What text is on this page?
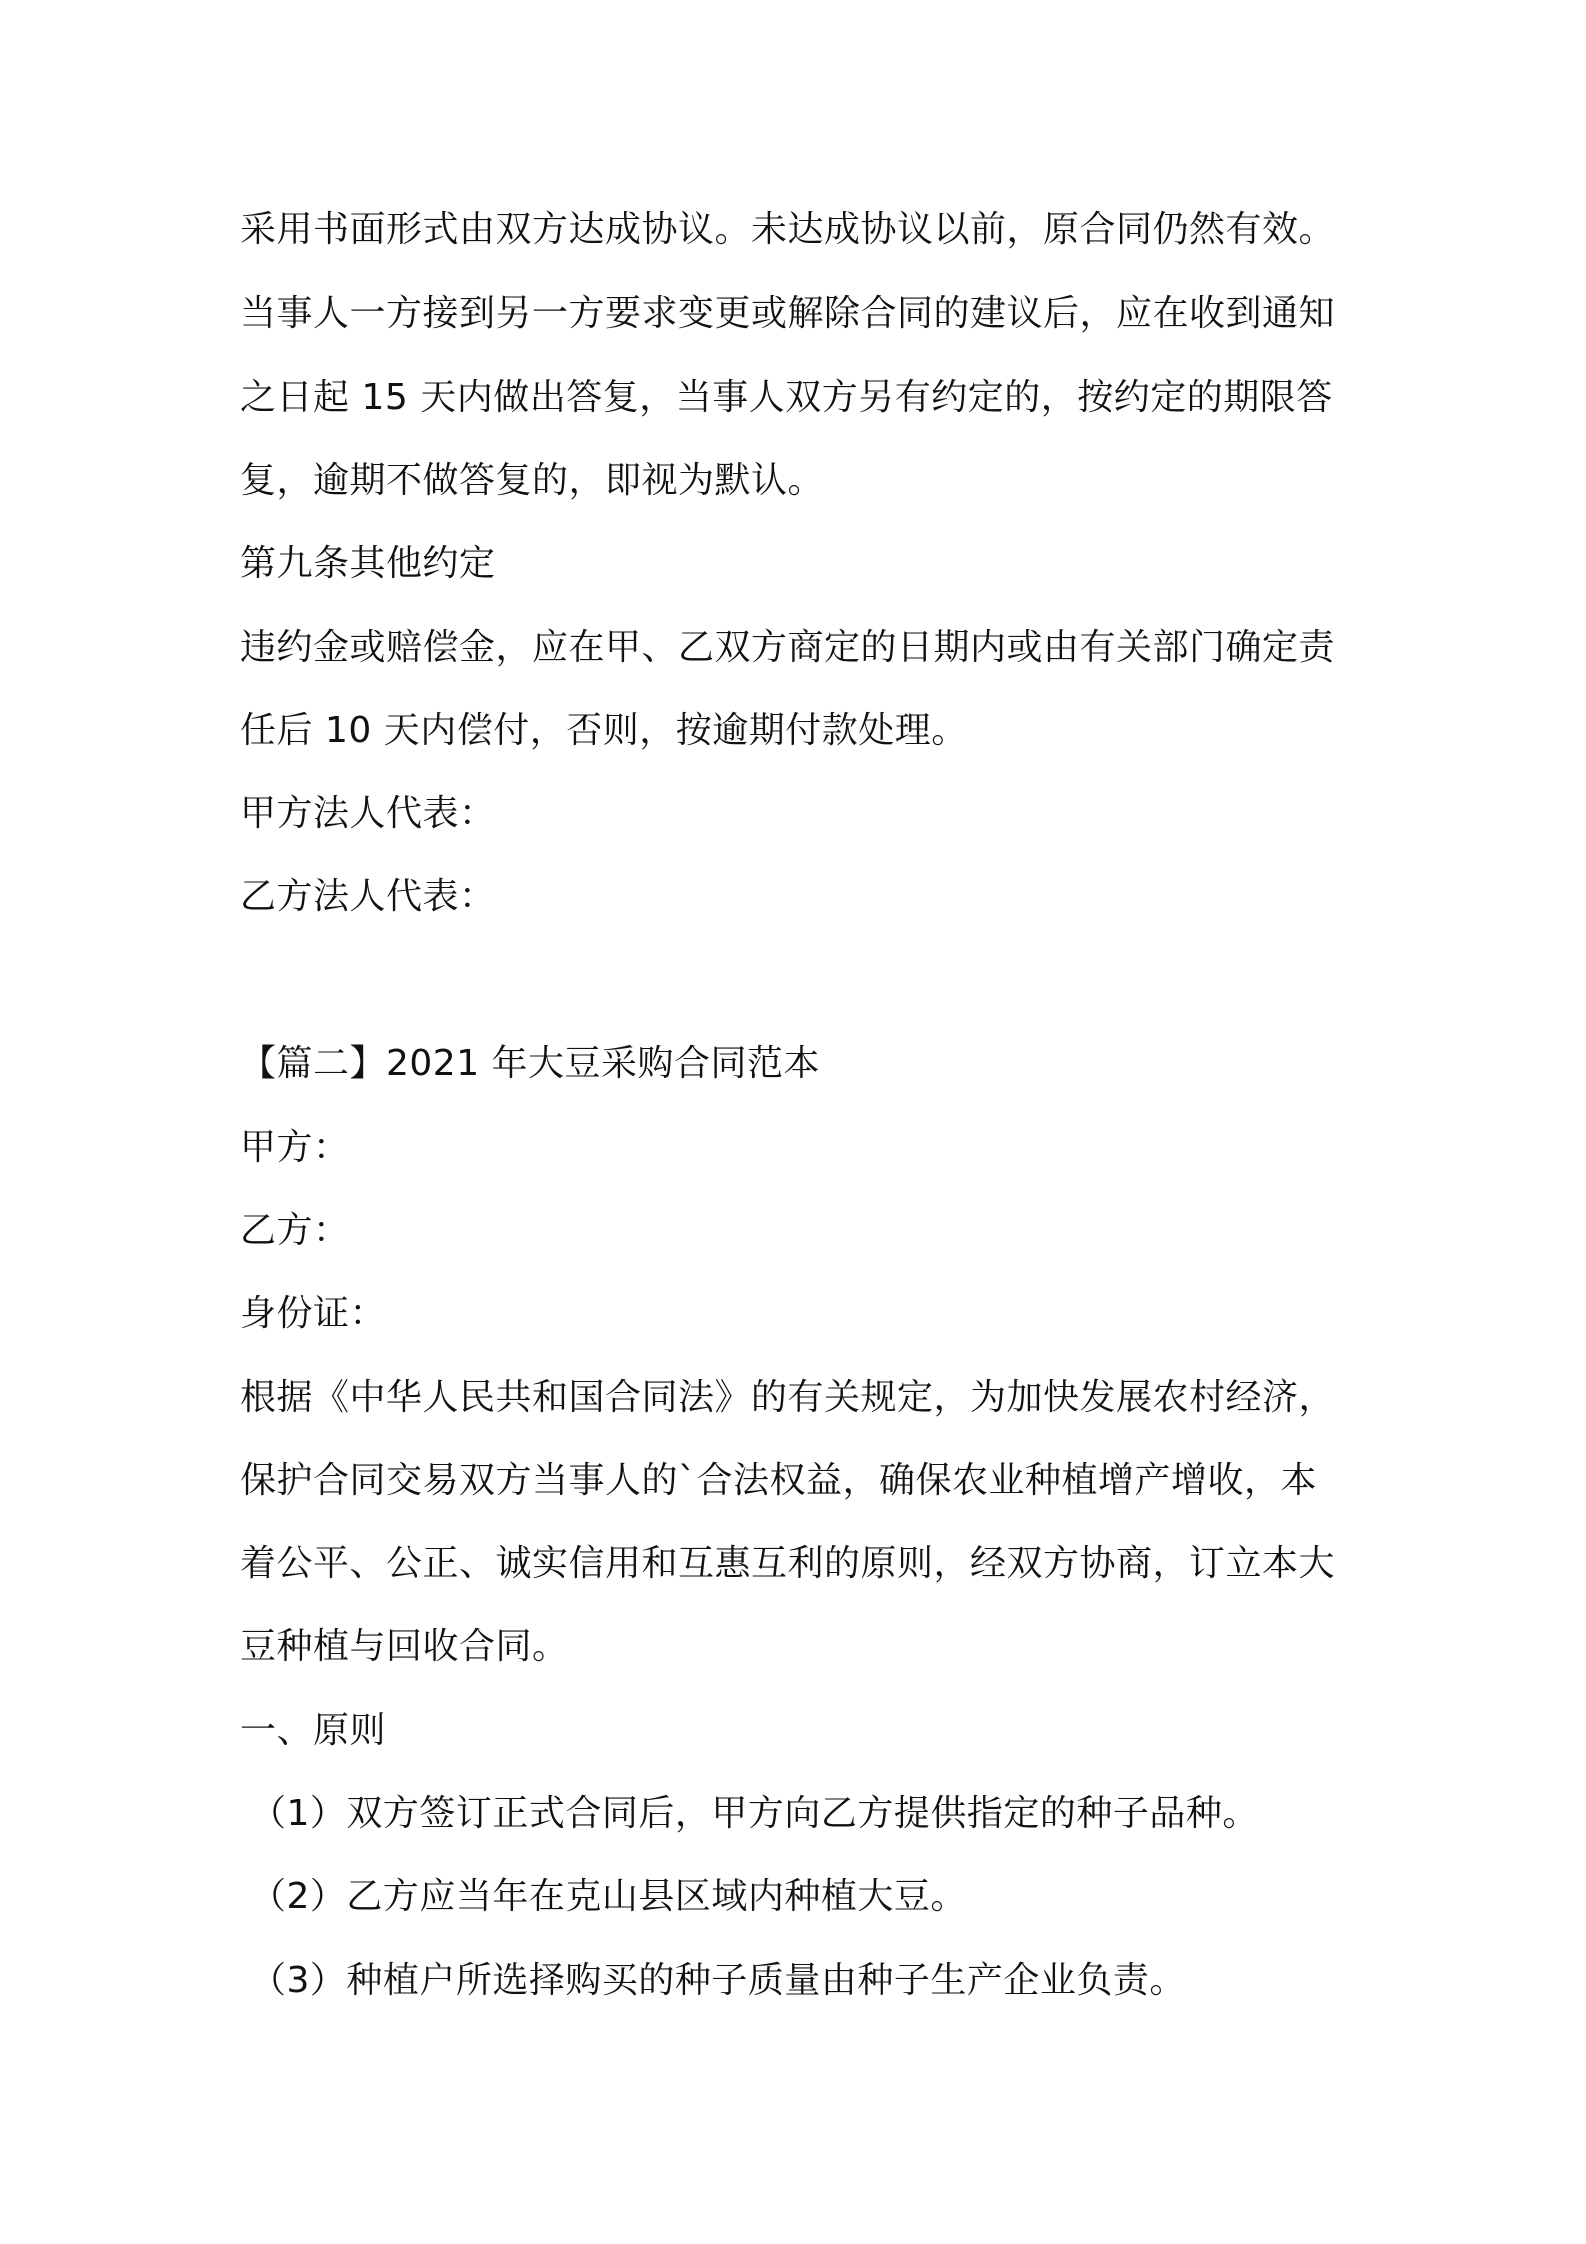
采用书面形式由双方达成协议。未达成协议以前，原合同仍然有效。
当事人一方接到另一方要求变更或解除合同的建议后，应在收到通知
之日起 15 天内做出答复，当事人双方另有约定的，按约定的期限答
复，逾期不做答复的，即视为默认。
第九条其他约定
违约金或赔偿金，应在甲、乙双方商定的日期内或由有关部门确定责
任后 10 天内偿付，否则，按逾期付款处理。
甲方法人代表：
乙方法人代表：
【篇二】2021 年大豆采购合同范本
甲方：
乙方：
身份证：
根据《中华人民共和国合同法》的有关规定，为加快发展农村经济，
保护合同交易双方当事人的`合法权益，确保农业种植增产增收，本
着公平、公正、诚实信用和互惠互利的原则，经双方协商，订立本大
豆种植与回收合同。
一、原则
（1）双方签订正式合同后，甲方向乙方提供指定的种子品种。
（2）乙方应当年在克山县区域内种植大豆。
（3）种植户所选择购买的种子质量由种子生产企业负责。
